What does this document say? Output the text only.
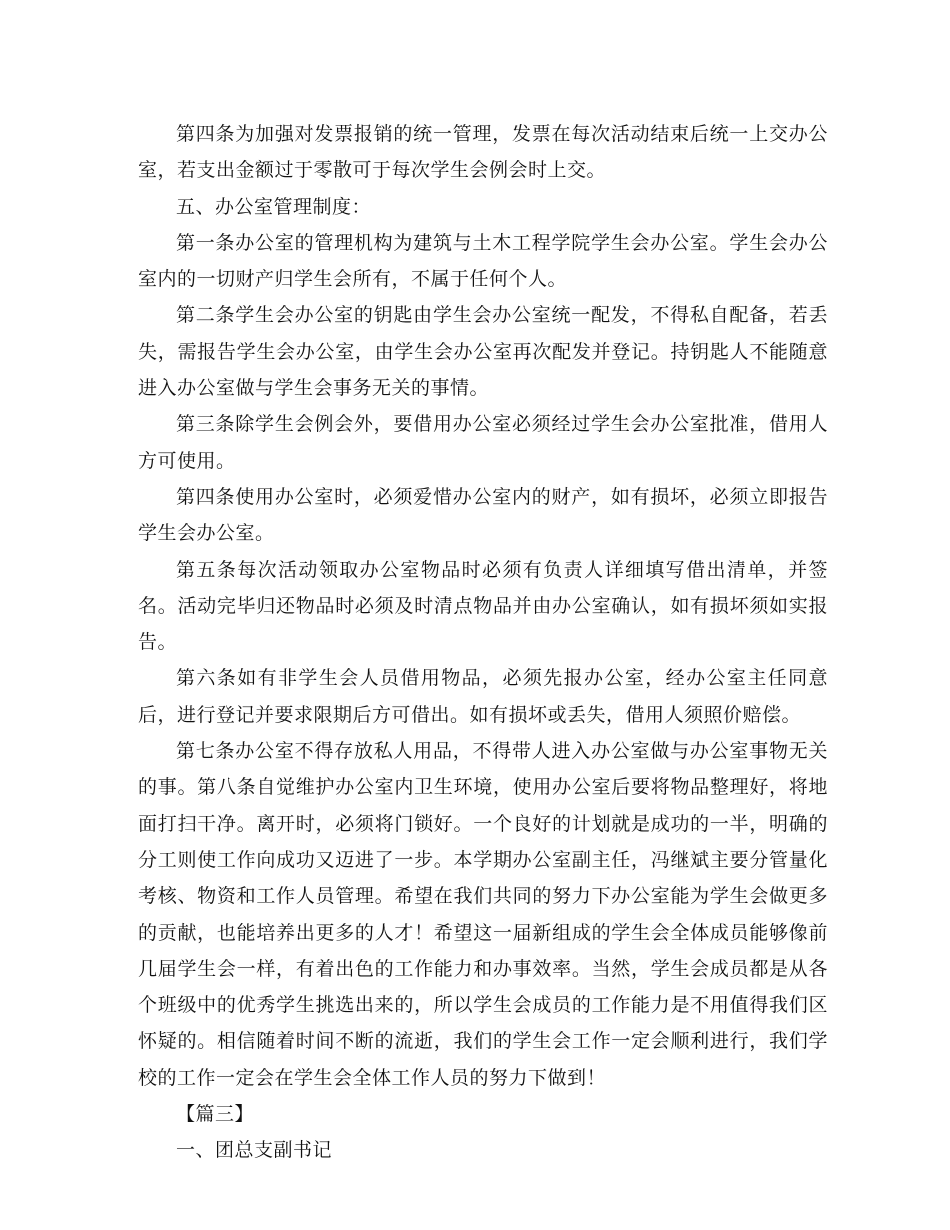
第四条为加强对发票报销的统一管理，发票在每次活动结束后统一上交办公室，若支出金额过于零散可于每次学生会例会时上交。

五、办公室管理制度：

第一条办公室的管理机构为建筑与土木工程学院学生会办公室。学生会办公室内的一切财产归学生会所有，不属于任何个人。

第二条学生会办公室的钥匙由学生会办公室统一配发，不得私自配备，若丢失，需报告学生会办公室，由学生会办公室再次配发并登记。持钥匙人不能随意进入办公室做与学生会事务无关的事情。

第三条除学生会例会外，要借用办公室必须经过学生会办公室批准，借用人方可使用。

第四条使用办公室时，必须爱惜办公室内的财产，如有损坏，必须立即报告学生会办公室。

第五条每次活动领取办公室物品时必须有负责人详细填写借出清单，并签名。活动完毕归还物品时必须及时清点物品并由办公室确认，如有损坏须如实报告。

第六条如有非学生会人员借用物品，必须先报办公室，经办公室主任同意后，进行登记并要求限期后方可借出。如有损坏或丢失，借用人须照价赔偿。

第七条办公室不得存放私人用品，不得带人进入办公室做与办公室事物无关的事。第八条自觉维护办公室内卫生环境，使用办公室后要将物品整理好，将地面打扫干净。离开时，必须将门锁好。一个良好的计划就是成功的一半，明确的分工则使工作向成功又迈进了一步。本学期办公室副主任，冯继斌主要分管量化考核、物资和工作人员管理。希望在我们共同的努力下办公室能为学生会做更多的贡献，也能培养出更多的人才！希望这一届新组成的学生会全体成员能够像前几届学生会一样，有着出色的工作能力和办事效率。当然，学生会成员都是从各个班级中的优秀学生挑选出来的，所以学生会成员的工作能力是不用值得我们区怀疑的。相信随着时间不断的流逝，我们的学生会工作一定会顺利进行，我们学校的工作一定会在学生会全体工作人员的努力下做到！

【篇三】

一、团总支副书记
